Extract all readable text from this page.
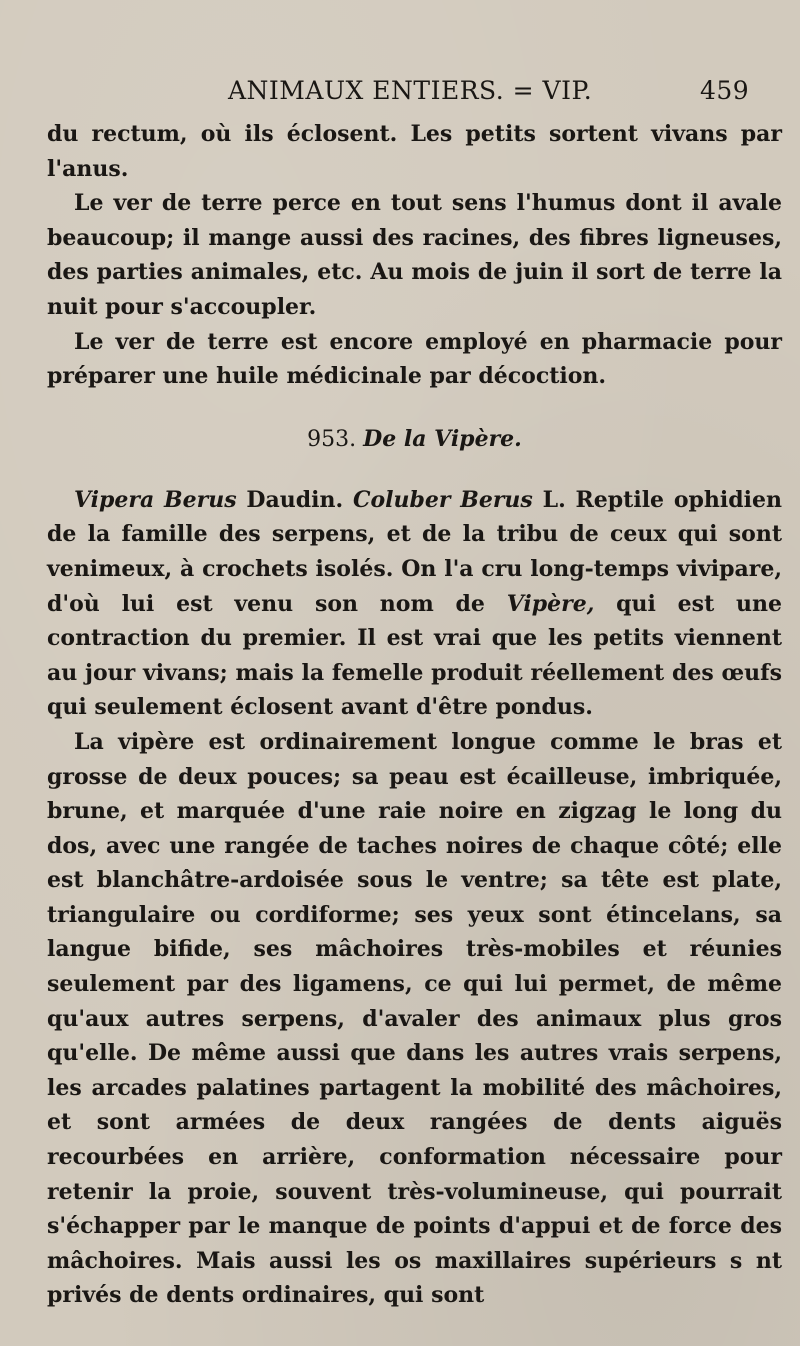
ANIMAUX ENTIERS. = VIP.	459

du rectum, où ils éclosent. Les petits sortent vivans par l'anus.

Le ver de terre perce en tout sens l'humus dont il avale beaucoup; il mange aussi des racines, des fibres ligneuses, des parties animales, etc. Au mois de juin il sort de terre la nuit pour s'accoupler.

Le ver de terre est encore employé en pharmacie pour préparer une huile médicinale par décoction.

953. De la Vipère.

Vipera Berus Daudin. Coluber Berus L. Reptile ophidien de la famille des serpens, et de la tribu de ceux qui sont venimeux, à crochets isolés. On l'a cru long-temps vivipare, d'où lui est venu son nom de Vipère, qui est une contraction du premier. Il est vrai que les petits viennent au jour vivans; mais la femelle produit réellement des œufs qui seulement éclosent avant d'être pondus.

La vipère est ordinairement longue comme le bras et grosse de deux pouces; sa peau est écailleuse, imbriquée, brune, et marquée d'une raie noire en zigzag le long du dos, avec une rangée de taches noires de chaque côté; elle est blanchâtre-ardoisée sous le ventre; sa tête est plate, triangulaire ou cordiforme; ses yeux sont étincelans, sa langue bifide, ses mâchoires très-mobiles et réunies seulement par des ligamens, ce qui lui permet, de même qu'aux autres serpens, d'avaler des animaux plus gros qu'elle. De même aussi que dans les autres vrais serpens, les arcades palatines partagent la mobilité des mâchoires, et sont armées de deux rangées de dents aiguës recourbées en arrière, conformation nécessaire pour retenir la proie, souvent très-volumineuse, qui pourrait s'échapper par le manque de points d'appui et de force des mâchoires. Mais aussi les os maxillaires supérieurs s nt privés de dents ordinaires, qui sont
